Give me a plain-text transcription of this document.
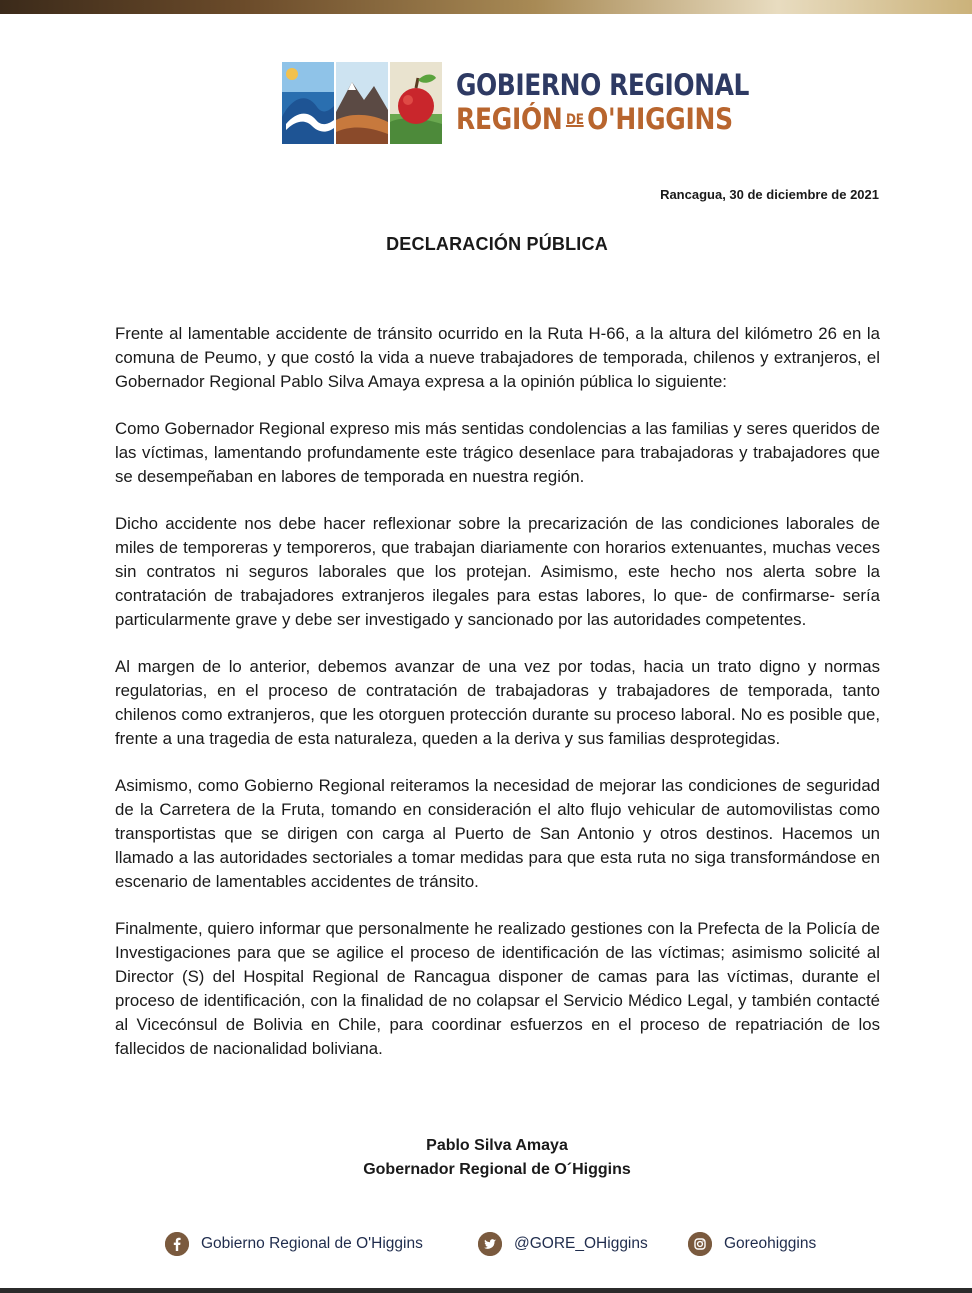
GOBIERNO REGIONAL
REGIÓN DE O'HIGGINS
Rancagua, 30 de diciembre de 2021
DECLARACIÓN PÚBLICA

Frente al lamentable accidente de tránsito ocurrido en la Ruta H-66, a la altura del kilómetro 26 en la comuna de Peumo, y que costó la vida a nueve trabajadores de temporada, chilenos y extranjeros, el Gobernador Regional Pablo Silva Amaya expresa a la opinión pública lo siguiente:

Como Gobernador Regional expreso mis más sentidas condolencias a las familias y seres queridos de las víctimas, lamentando profundamente este trágico desenlace para trabajadoras y trabajadores que se desempeñaban en labores de temporada en nuestra región.

Dicho accidente nos debe hacer reflexionar sobre la precarización de las condiciones laborales de miles de temporeras y temporeros, que trabajan diariamente con horarios extenuantes, muchas veces sin contratos ni seguros laborales que los protejan. Asimismo, este hecho nos alerta sobre la contratación de trabajadores extranjeros ilegales para estas labores, lo que- de confirmarse- sería particularmente grave y debe ser investigado y sancionado por las autoridades competentes.

Al margen de lo anterior, debemos avanzar de una vez por todas, hacia un trato digno y normas regulatorias, en el proceso de contratación de trabajadoras y trabajadores de temporada, tanto chilenos como extranjeros, que les otorguen protección durante su proceso laboral. No es posible que, frente a una tragedia de esta naturaleza, queden a la deriva y sus familias desprotegidas.

Asimismo, como Gobierno Regional reiteramos la necesidad de mejorar las condiciones de seguridad de la Carretera de la Fruta, tomando en consideración el alto flujo vehicular de automovilistas como transportistas que se dirigen con carga al Puerto de San Antonio y otros destinos. Hacemos un llamado a las autoridades sectoriales a tomar medidas para que esta ruta no siga transformándose en escenario de lamentables accidentes de tránsito.

Finalmente, quiero informar que personalmente he realizado gestiones con la Prefecta de la Policía de Investigaciones para que se agilice el proceso de identificación de las víctimas; asimismo solicité al Director (S) del Hospital Regional de Rancagua disponer de camas para las víctimas, durante el proceso de identificación, con la finalidad de no colapsar el Servicio Médico Legal, y también contacté al Vicecónsul de Bolivia en Chile, para coordinar esfuerzos en el proceso de repatriación de los fallecidos de nacionalidad boliviana.

Pablo Silva Amaya
Gobernador Regional de O´Higgins
Gobierno Regional de O'Higgins	@GORE_OHiggins	Goreohiggins
